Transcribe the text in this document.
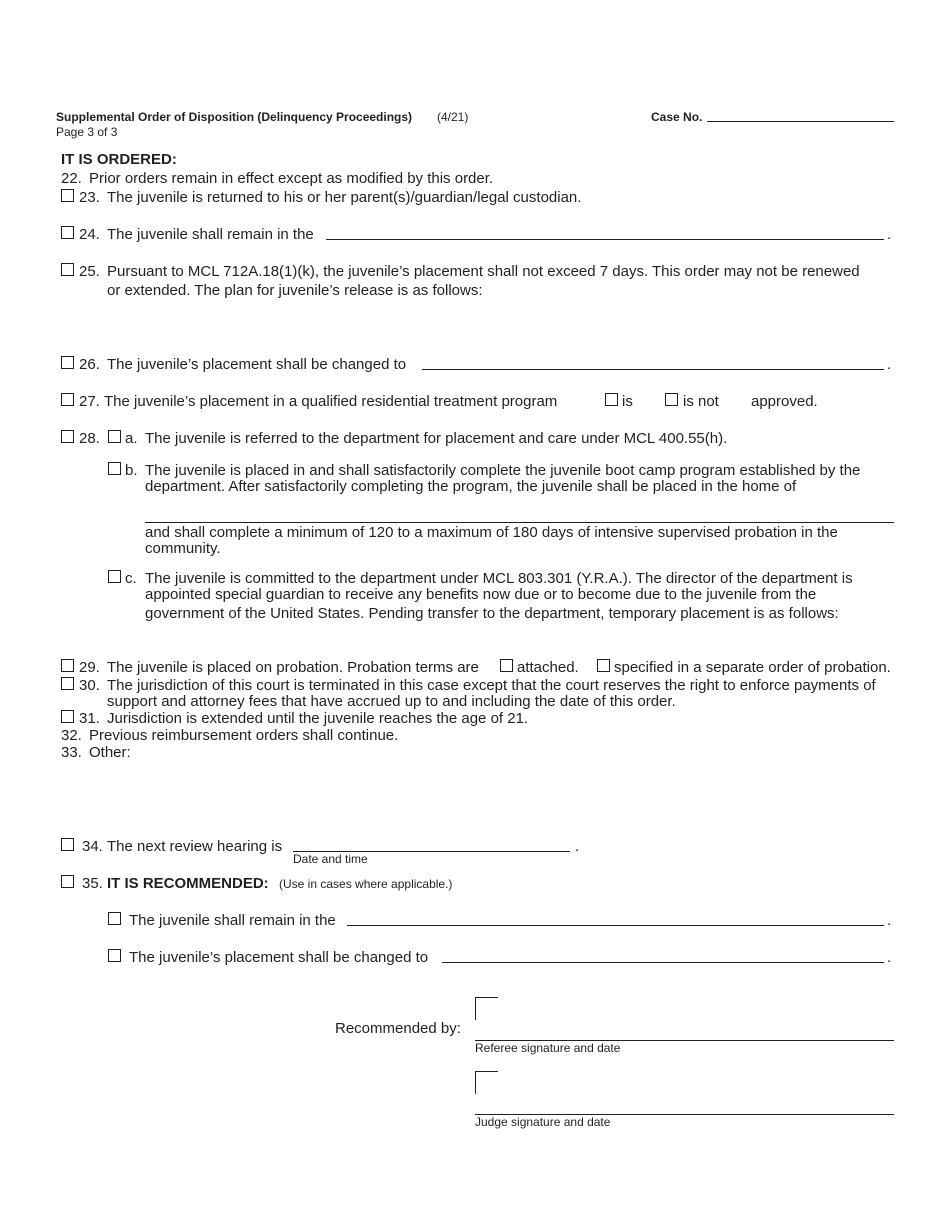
Supplemental Order of Disposition (Delinquency Proceedings) (4/21)
Page 3 of 3
Case No.
IT IS ORDERED:
22. Prior orders remain in effect except as modified by this order.
23. The juvenile is returned to his or her parent(s)/guardian/legal custodian.
24. The juvenile shall remain in the	.
25. Pursuant to MCL 712A.18(1)(k), the juvenile’s placement shall not exceed 7 days. This order may not be renewed
or extended. The plan for juvenile’s release is as follows:
26. The juvenile’s placement shall be changed to	.
27. The juvenile’s placement in a qualified residential treatment program	is	is not approved.
28. a. The juvenile is referred to the department for placement and care under MCL 400.55(h).
b. The juvenile is placed in and shall satisfactorily complete the juvenile boot camp program established by the
department. After satisfactorily completing the program, the juvenile shall be placed in the home of
and shall complete a minimum of 120 to a maximum of 180 days of intensive supervised probation in the
community.
c. The juvenile is committed to the department under MCL 803.301 (Y.R.A.). The director of the department is
appointed special guardian to receive any benefits now due or to become due to the juvenile from the
government of the United States. Pending transfer to the department, temporary placement is as follows:
29. The juvenile is placed on probation. Probation terms are	attached. specified in a separate order of probation.
30. The jurisdiction of this court is terminated in this case except that the court reserves the right to enforce payments of
support and attorney fees that have accrued up to and including the date of this order.
31. Jurisdiction is extended until the juvenile reaches the age of 21.
32. Previous reimbursement orders shall continue.
33. Other:
34. The next review hearing is	.
Date and time
35. IT IS RECOMMENDED: (Use in cases where applicable.)
The juvenile shall remain in the	.
The juvenile’s placement shall be changed to	.
Recommended by:
Referee signature and date
Judge signature and date
